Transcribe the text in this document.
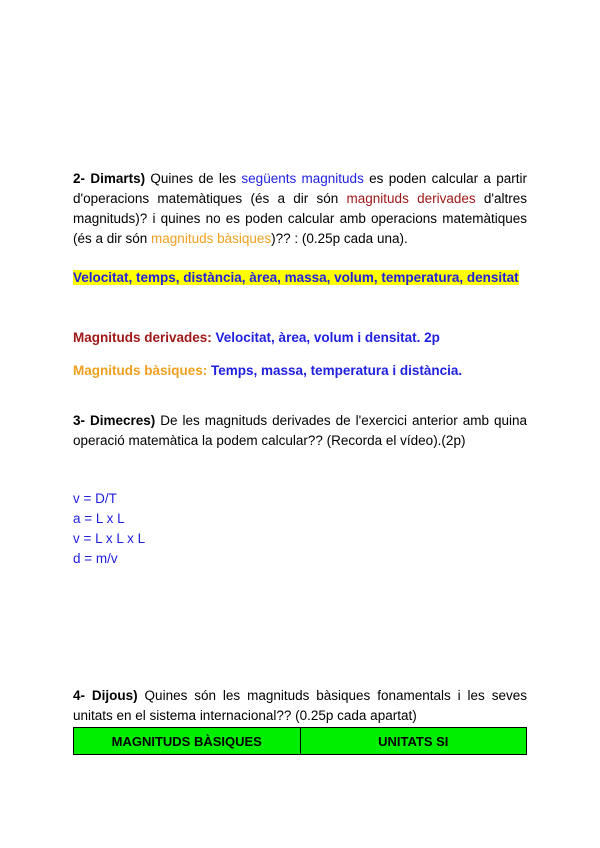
2- Dimarts) Quines de les següents magnituds es poden calcular a partir d'operacions matemàtiques (és a dir són magnituds derivades d'altres magnituds)? i quines no es poden calcular amb operacions matemàtiques (és a dir són magnituds bàsiques)?? : (0.25p cada una).

Velocitat, temps, distància, àrea, massa, volum, temperatura, densitat

Magnituds derivades: Velocitat, àrea, volum i densitat. 2p

Magnituds bàsiques: Temps, massa, temperatura i distància.

3- Dimecres) De les magnituds derivades de l'exercici anterior amb quina operació matemàtica la podem calcular?? (Recorda el vídeo).(2p)

v = D/T
a = L x L
v = L x L x L
d = m/v

4- Dijous) Quines són les magnituds bàsiques fonamentals i les seves unitats en el sistema internacional?? (0.25p cada apartat)

MAGNITUDS BÀSIQUES	UNITATS SI
